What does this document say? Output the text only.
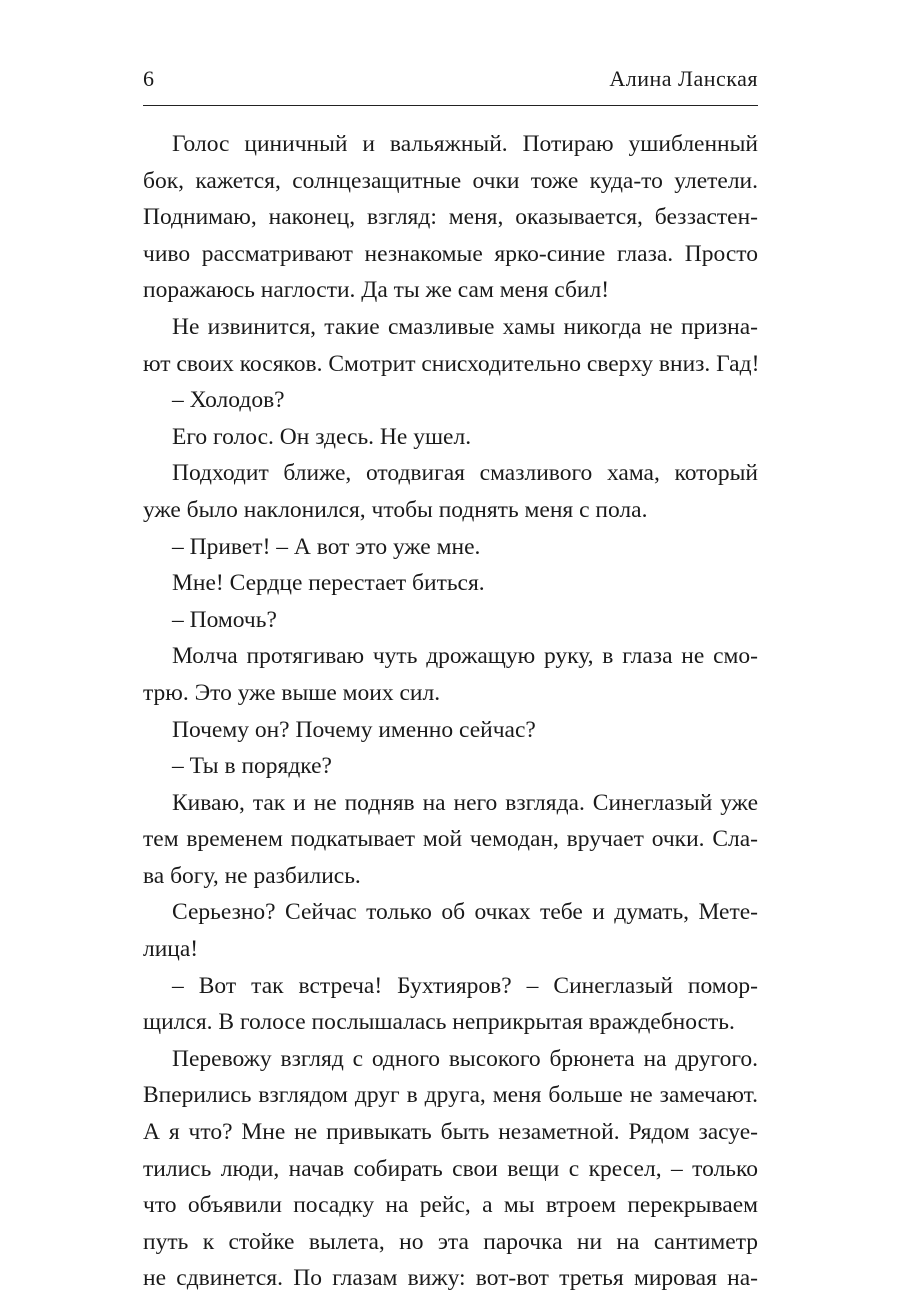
6	Алина Ланская
Голос циничный и вальяжный. Потираю ушибленный
бок, кажется, солнцезащитные очки тоже куда-то улетели.
Поднимаю, наконец, взгляд: меня, оказывается, беззастен-
чиво рассматривают незнакомые ярко-синие глаза. Просто
поражаюсь наглости. Да ты же сам меня сбил!
Не извинится, такие смазливые хамы никогда не призна-
ют своих косяков. Смотрит снисходительно сверху вниз. Гад!
– Холодов?
Его голос. Он здесь. Не ушел.
Подходит ближе, отодвигая смазливого хама, который
уже было наклонился, чтобы поднять меня с пола.
– Привет! – А вот это уже мне.
Мне! Сердце перестает биться.
– Помочь?
Молча протягиваю чуть дрожащую руку, в глаза не смо-
трю. Это уже выше моих сил.
Почему он? Почему именно сейчас?
– Ты в порядке?
Киваю, так и не подняв на него взгляда. Синеглазый уже
тем временем подкатывает мой чемодан, вручает очки. Сла-
ва богу, не разбились.
Серьезно? Сейчас только об очках тебе и думать, Мете-
лица!
– Вот так встреча! Бухтияров? – Синеглазый помор-
щился. В голосе послышалась неприкрытая враждебность.
Перевожу взгляд с одного высокого брюнета на другого.
Вперились взглядом друг в друга, меня больше не замечают.
А я что? Мне не привыкать быть незаметной. Рядом засуе-
тились люди, начав собирать свои вещи с кресел, – только
что объявили посадку на рейс, а мы втроем перекрываем
путь к стойке вылета, но эта парочка ни на сантиметр
не сдвинется. По глазам вижу: вот-вот третья мировая на-
